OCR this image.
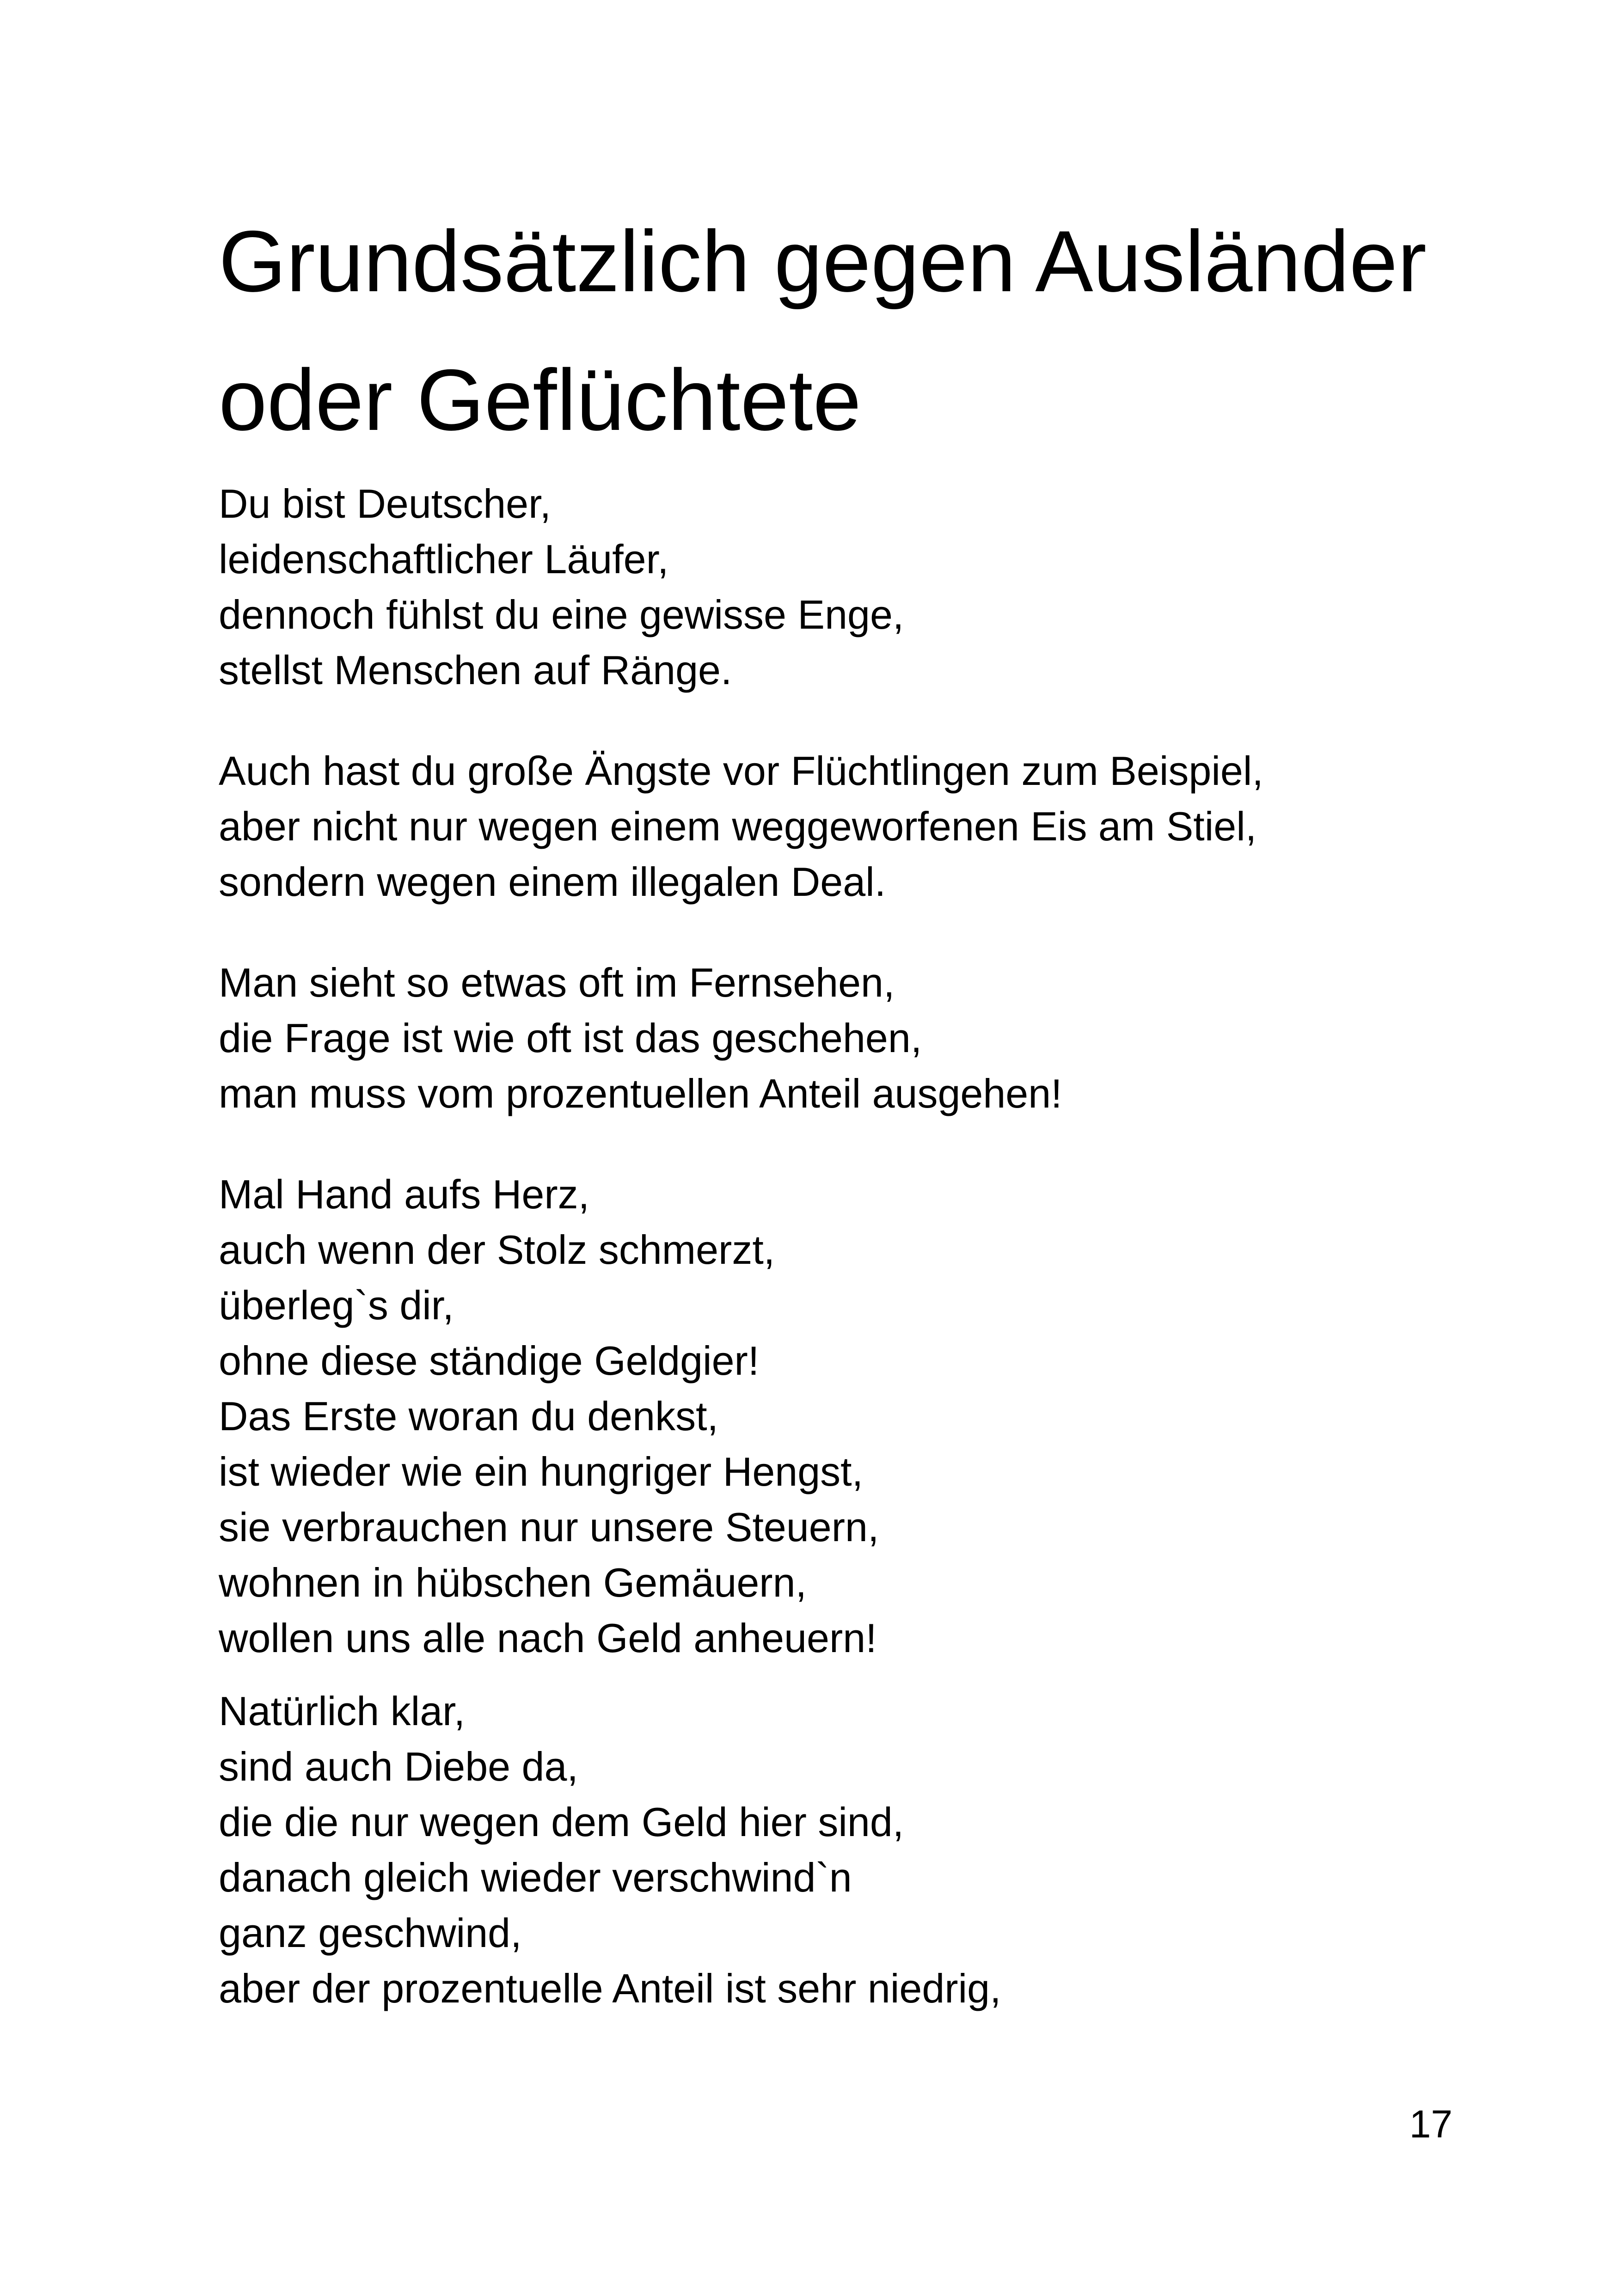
Grundsätzlich gegen Ausländer
oder Geflüchtete

Du bist Deutscher,
leidenschaftlicher Läufer,
dennoch fühlst du eine gewisse Enge,
stellst Menschen auf Ränge.

Auch hast du große Ängste vor Flüchtlingen zum Beispiel,
aber nicht nur wegen einem weggeworfenen Eis am Stiel,
sondern wegen einem illegalen Deal.

Man sieht so etwas oft im Fernsehen,
die Frage ist wie oft ist das geschehen,
man muss vom prozentuellen Anteil ausgehen!

Mal Hand aufs Herz,
auch wenn der Stolz schmerzt,
überleg`s dir,
ohne diese ständige Geldgier!
Das Erste woran du denkst,
ist wieder wie ein hungriger Hengst,
sie verbrauchen nur unsere Steuern,
wohnen in hübschen Gemäuern,
wollen uns alle nach Geld anheuern!

Natürlich klar,
sind auch Diebe da,
die die nur wegen dem Geld hier sind,
danach gleich wieder verschwind`n
ganz geschwind,
aber der prozentuelle Anteil ist sehr niedrig,

17
